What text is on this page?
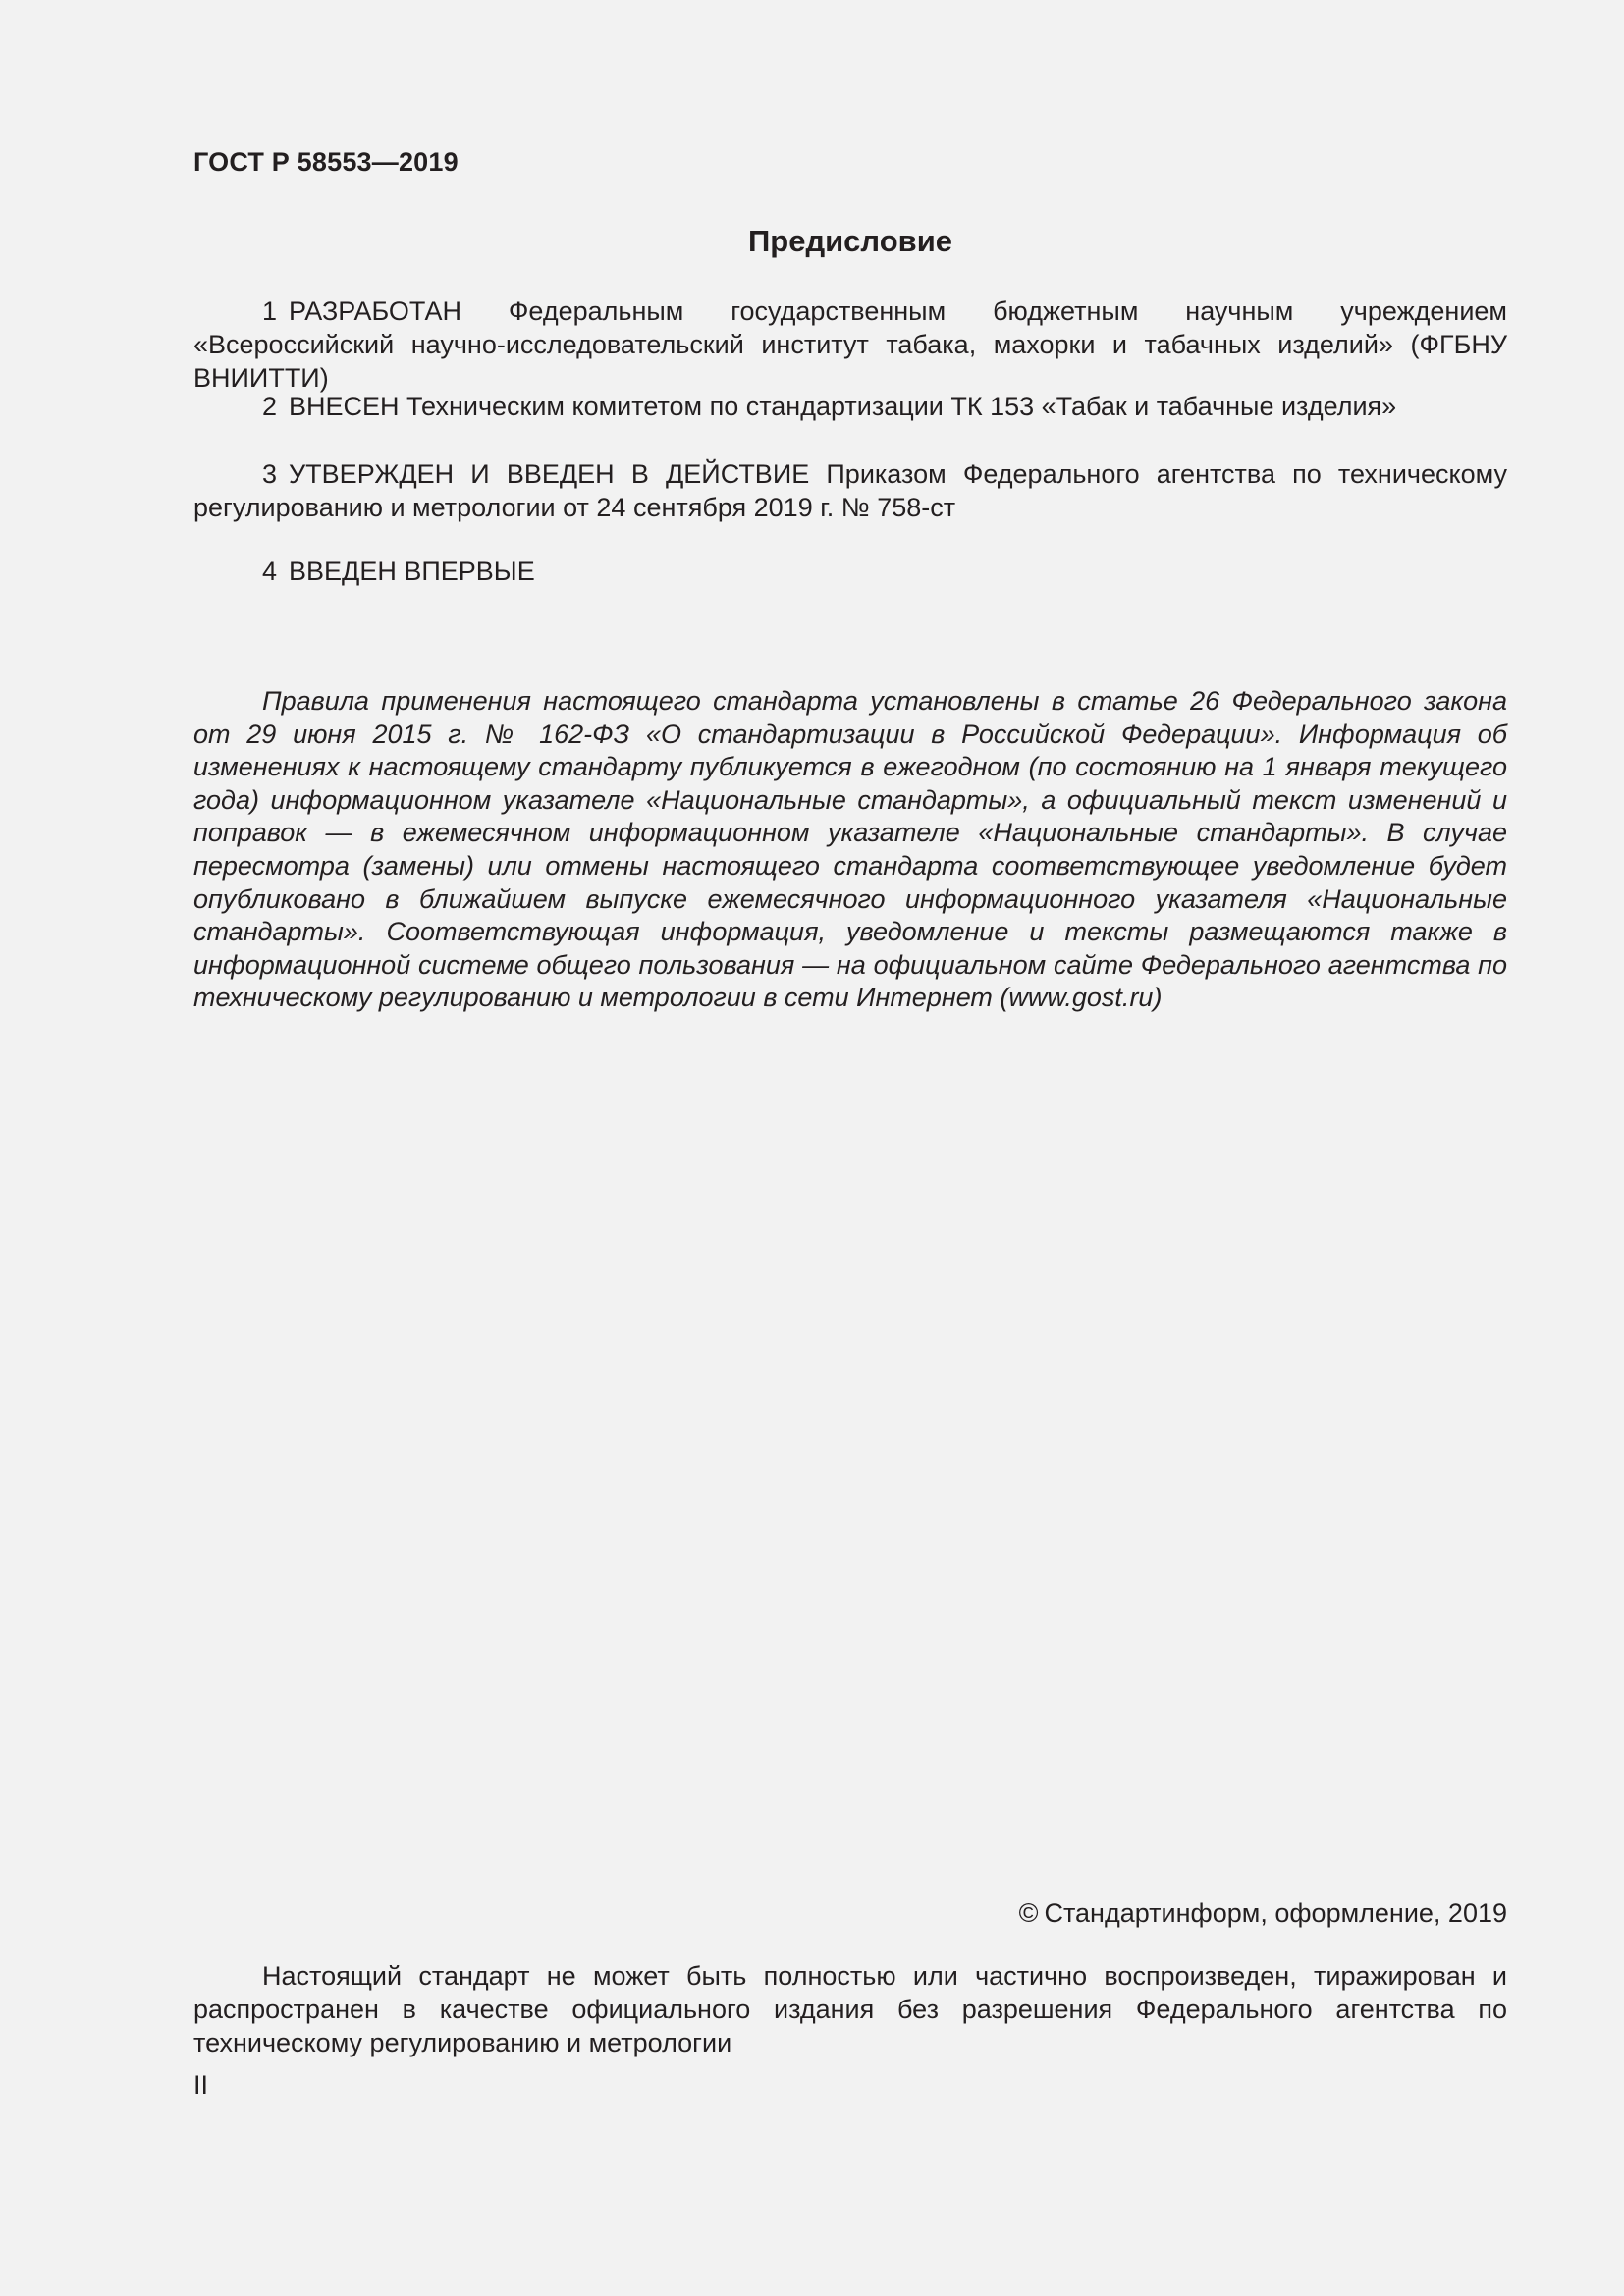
ГОСТ Р 58553—2019
Предисловие

1 РАЗРАБОТАН Федеральным государственным бюджетным научным учреждением «Всероссийский научно-исследовательский институт табака, махорки и табачных изделий» (ФГБНУ ВНИИТТИ)

2 ВНЕСЕН Техническим комитетом по стандартизации ТК 153 «Табак и табачные изделия»

3 УТВЕРЖДЕН И ВВЕДЕН В ДЕЙСТВИЕ Приказом Федерального агентства по техническому регулированию и метрологии от 24 сентября 2019 г. № 758-ст

4 ВВЕДЕН ВПЕРВЫЕ

Правила применения настоящего стандарта установлены в статье 26 Федерального закона от 29 июня 2015 г. № 162-ФЗ «О стандартизации в Российской Федерации». Информация об изменениях к настоящему стандарту публикуется в ежегодном (по состоянию на 1 января текущего года) информационном указателе «Национальные стандарты», а официальный текст изменений и поправок — в ежемесячном информационном указателе «Национальные стандарты». В случае пересмотра (замены) или отмены настоящего стандарта соответствующее уведомление будет опубликовано в ближайшем выпуске ежемесячного информационного указателя «Национальные стандарты». Соответствующая информация, уведомление и тексты размещаются также в информационной системе общего пользования — на официальном сайте Федерального агентства по техническому регулированию и метрологии в сети Интернет (www.gost.ru)

© Стандартинформ, оформление, 2019

Настоящий стандарт не может быть полностью или частично воспроизведен, тиражирован и распространен в качестве официального издания без разрешения Федерального агентства по техническому регулированию и метрологии

II
